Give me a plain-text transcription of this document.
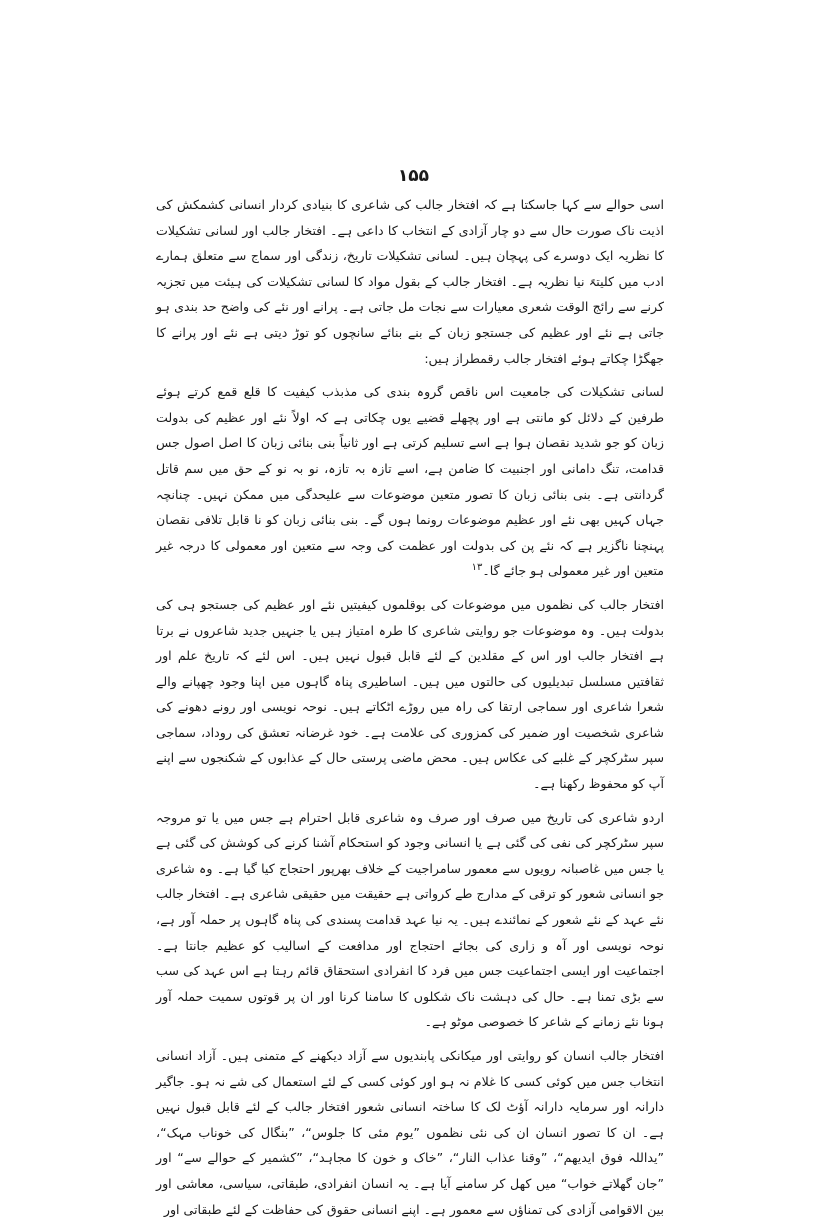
۱۵۵

اسی حوالے سے کہا جاسکتا ہے کہ افتخار جالب کی شاعری کا بنیادی کردار انسانی کشمکش کی اذیت ناک صورت حال سے دو چار آزادی کے انتخاب کا داعی ہے۔ افتخار جالب اور لسانی تشکیلات کا نظریہ ایک دوسرے کی پہچان ہیں۔ لسانی تشکیلات تاریخ، زندگی اور سماج سے متعلق ہمارے ادب میں کلیتہً نیا نظریہ ہے۔ افتخار جالب کے بقول مواد کا لسانی تشکیلات کی ہیئت میں تجزیہ کرنے سے رائج الوقت شعری معیارات سے نجات مل جاتی ہے۔ پرانے اور نئے کی واضح حد بندی ہو جاتی ہے نئے اور عظیم کی جستجو زبان کے بنے بنائے سانچوں کو توڑ دیتی ہے نئے اور پرانے کا جھگڑا چکاتے ہوئے افتخار جالب رقمطراز ہیں:

لسانی تشکیلات کی جامعیت اس ناقص گروہ بندی کی مذبذب کیفیت کا قلع قمع کرتے ہوئے طرفین کے دلائل کو مانتی ہے اور پچھلے قضیے یوں چکاتی ہے کہ اولاً نئے اور عظیم کی بدولت زبان کو جو شدید نقصان ہوا ہے اسے تسلیم کرتی ہے اور ثانیاً بنی بنائی زبان کا اصل اصول جس قدامت، تنگ دامانی اور اجنبیت کا ضامن ہے، اسے تازہ بہ تازہ، نو بہ نو کے حق میں سم قاتل گردانتی ہے۔ بنی بنائی زبان کا تصور متعین موضوعات سے علیحدگی میں ممکن نہیں۔ چنانچہ جہاں کہیں بھی نئے اور عظیم موضوعات رونما ہوں گے۔ بنی بنائی زبان کو نا قابل تلافی نقصان پہنچنا ناگزیر ہے کہ نئے پن کی بدولت اور عظمت کی وجہ سے متعین اور معمولی کا درجہ غیر متعین اور غیر معمولی ہو جائے گا۔$^{۱۳}$

افتخار جالب کی نظموں میں موضوعات کی بوقلموں کیفیتیں نئے اور عظیم کی جستجو ہی کی بدولت ہیں۔ وہ موضوعات جو روایتی شاعری کا طرہ امتیاز ہیں یا جنہیں جدید شاعروں نے برتا ہے افتخار جالب اور اس کے مقلدین کے لئے قابل قبول نہیں ہیں۔ اس لئے کہ تاریخ علم اور ثقافتیں مسلسل تبدیلیوں کی حالتوں میں ہیں۔ اساطیری پناہ گاہوں میں اپنا وجود چھپانے والے شعرا شاعری اور سماجی ارتقا کی راہ میں روڑے اٹکاتے ہیں۔ نوحہ نویسی اور رونے دھونے کی شاعری شخصیت اور ضمیر کی کمزوری کی علامت ہے۔ خود غرضانہ تعشق کی روداد، سماجی سپر سٹرکچر کے غلبے کی عکاس ہیں۔ محض ماضی پرستی حال کے عذابوں کے شکنجوں سے اپنے آپ کو محفوظ رکھنا ہے۔

اردو شاعری کی تاریخ میں صرف اور صرف وہ شاعری قابل احترام ہے جس میں یا تو مروجہ سپر سٹرکچر کی نفی کی گئی ہے یا انسانی وجود کو استحکام آشنا کرنے کی کوشش کی گئی ہے یا جس میں غاصبانہ رویوں سے معمور سامراجیت کے خلاف بھرپور احتجاج کیا گیا ہے۔ وہ شاعری جو انسانی شعور کو ترقی کے مدارج طے کرواتی ہے حقیقت میں حقیقی شاعری ہے۔ افتخار جالب نئے عہد کے نئے شعور کے نمائندے ہیں۔ یہ نیا عہد قدامت پسندی کی پناہ گاہوں پر حملہ آور ہے، نوحہ نویسی اور آہ و زاری کی بجائے احتجاج اور مدافعت کے اسالیب کو عظیم جانتا ہے۔ اجتماعیت اور ایسی اجتماعیت جس میں فرد کا انفرادی استحقاق قائم رہتا ہے اس عہد کی سب سے بڑی تمنا ہے۔ حال کی دہشت ناک شکلوں کا سامنا کرنا اور ان پر قوتوں سمیت حملہ آور ہونا نئے زمانے کے شاعر کا خصوصی موٹو ہے۔

افتخار جالب انسان کو روایتی اور میکانکی پابندیوں سے آزاد دیکھنے کے متمنی ہیں۔ آزاد انسانی انتخاب جس میں کوئی کسی کا غلام نہ ہو اور کوئی کسی کے لئے استعمال کی شے نہ ہو۔ جاگیر دارانہ اور سرمایہ دارانہ آؤٹ لک کا ساختہ انسانی شعور افتخار جالب کے لئے قابل قبول نہیں ہے۔ ان کا تصور انسان ان کی نئی نظموں ”یوم مئی کا جلوس“، ”بنگال کی خوناب مہک“، ”یداللہ فوق ایدیھم“، ”وقنا عذاب النار“، ”خاک و خون کا مجاہد“، ”کشمیر کے حوالے سے“ اور ”جان گھلاتے خواب“ میں کھل کر سامنے آیا ہے۔ یہ انسان انفرادی، طبقاتی، سیاسی، معاشی اور بین الاقوامی آزادی کی تمناؤں سے معمور ہے۔ اپنے انسانی حقوق کی حفاظت کے لئے طبقاتی اور
